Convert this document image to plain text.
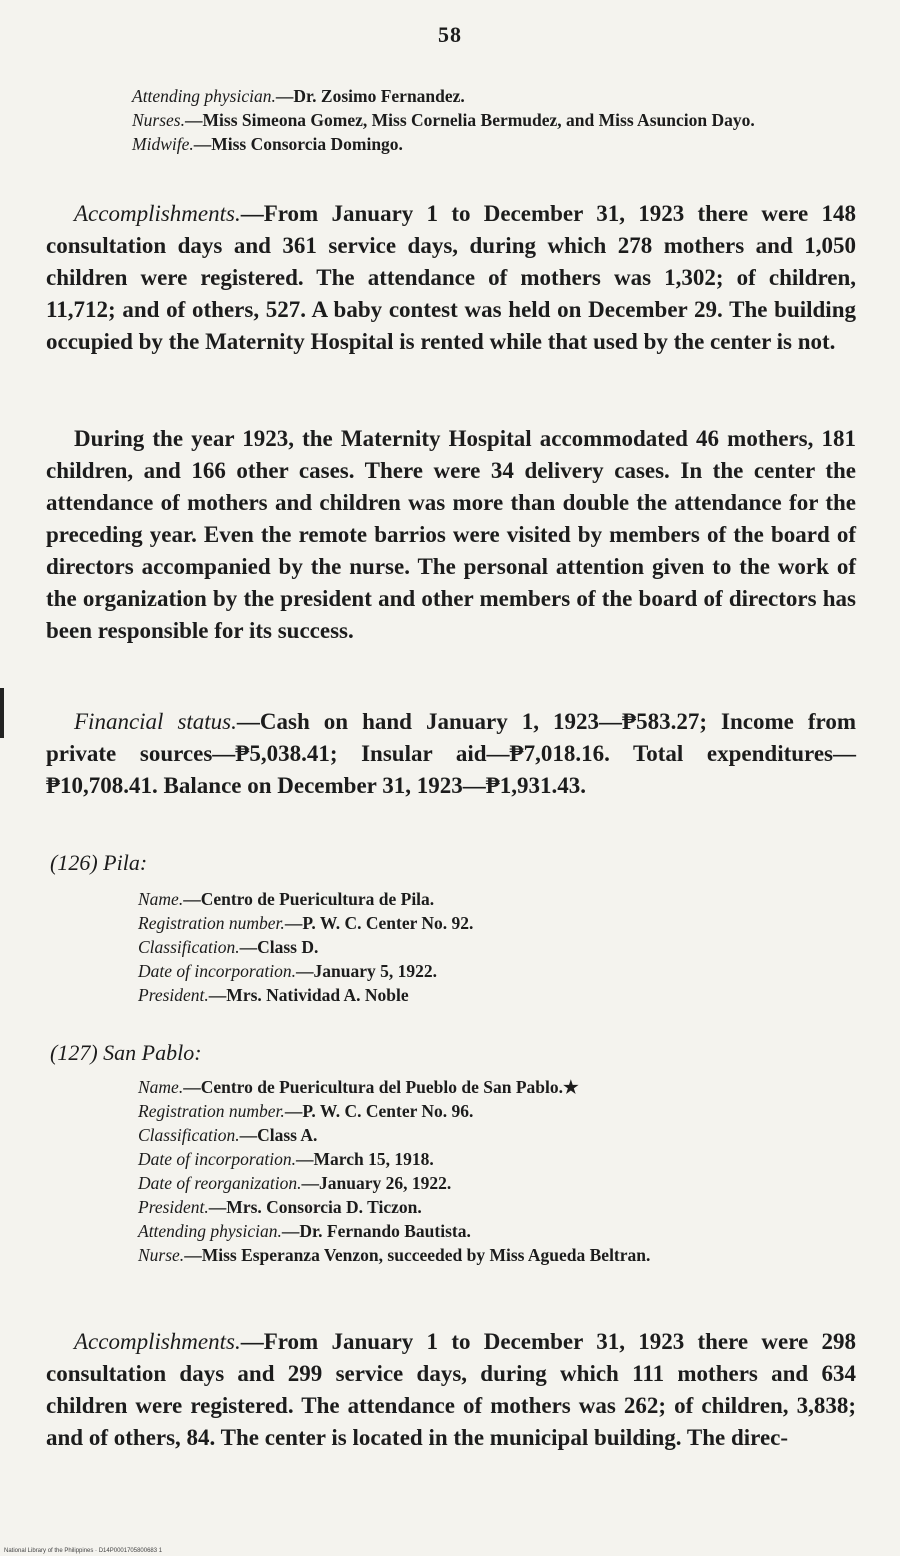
58
Attending physician.—Dr. Zosimo Fernandez.
Nurses.—Miss Simeona Gomez, Miss Cornelia Bermudez, and Miss Asuncion Dayo.
Midwife.—Miss Consorcia Domingo.
Accomplishments.—From January 1 to December 31, 1923 there were 148 consultation days and 361 service days, during which 278 mothers and 1,050 children were registered. The attendance of mothers was 1,302; of children, 11,712; and of others, 527. A baby contest was held on December 29. The building occupied by the Maternity Hospital is rented while that used by the center is not.
During the year 1923, the Maternity Hospital accommodated 46 mothers, 181 children, and 166 other cases. There were 34 delivery cases. In the center the attendance of mothers and children was more than double the attendance for the preceding year. Even the remote barrios were visited by members of the board of directors accompanied by the nurse. The personal attention given to the work of the organization by the president and other members of the board of directors has been responsible for its success.
Financial status.—Cash on hand January 1, 1923—₱583.27; Income from private sources—₱5,038.41; Insular aid—₱7,018.16. Total expenditures—₱10,708.41. Balance on December 31, 1923—₱1,931.43.
(126) Pila:
Name.—Centro de Puericultura de Pila.
Registration number.—P. W. C. Center No. 92.
Classification.—Class D.
Date of incorporation.—January 5, 1922.
President.—Mrs. Natividad A. Noble
(127) San Pablo:
Name.—Centro de Puericultura del Pueblo de San Pablo.★
Registration number.—P. W. C. Center No. 96.
Classification.—Class A.
Date of incorporation.—March 15, 1918.
Date of reorganization.—January 26, 1922.
President.—Mrs. Consorcia D. Ticzon.
Attending physician.—Dr. Fernando Bautista.
Nurse.—Miss Esperanza Venzon, succeeded by Miss Agueda Beltran.
Accomplishments.—From January 1 to December 31, 1923 there were 298 consultation days and 299 service days, during which 111 mothers and 634 children were registered. The attendance of mothers was 262; of children, 3,838; and of others, 84. The center is located in the municipal building. The direc-
National Library of the Philippines · D14P0001705800683 1
